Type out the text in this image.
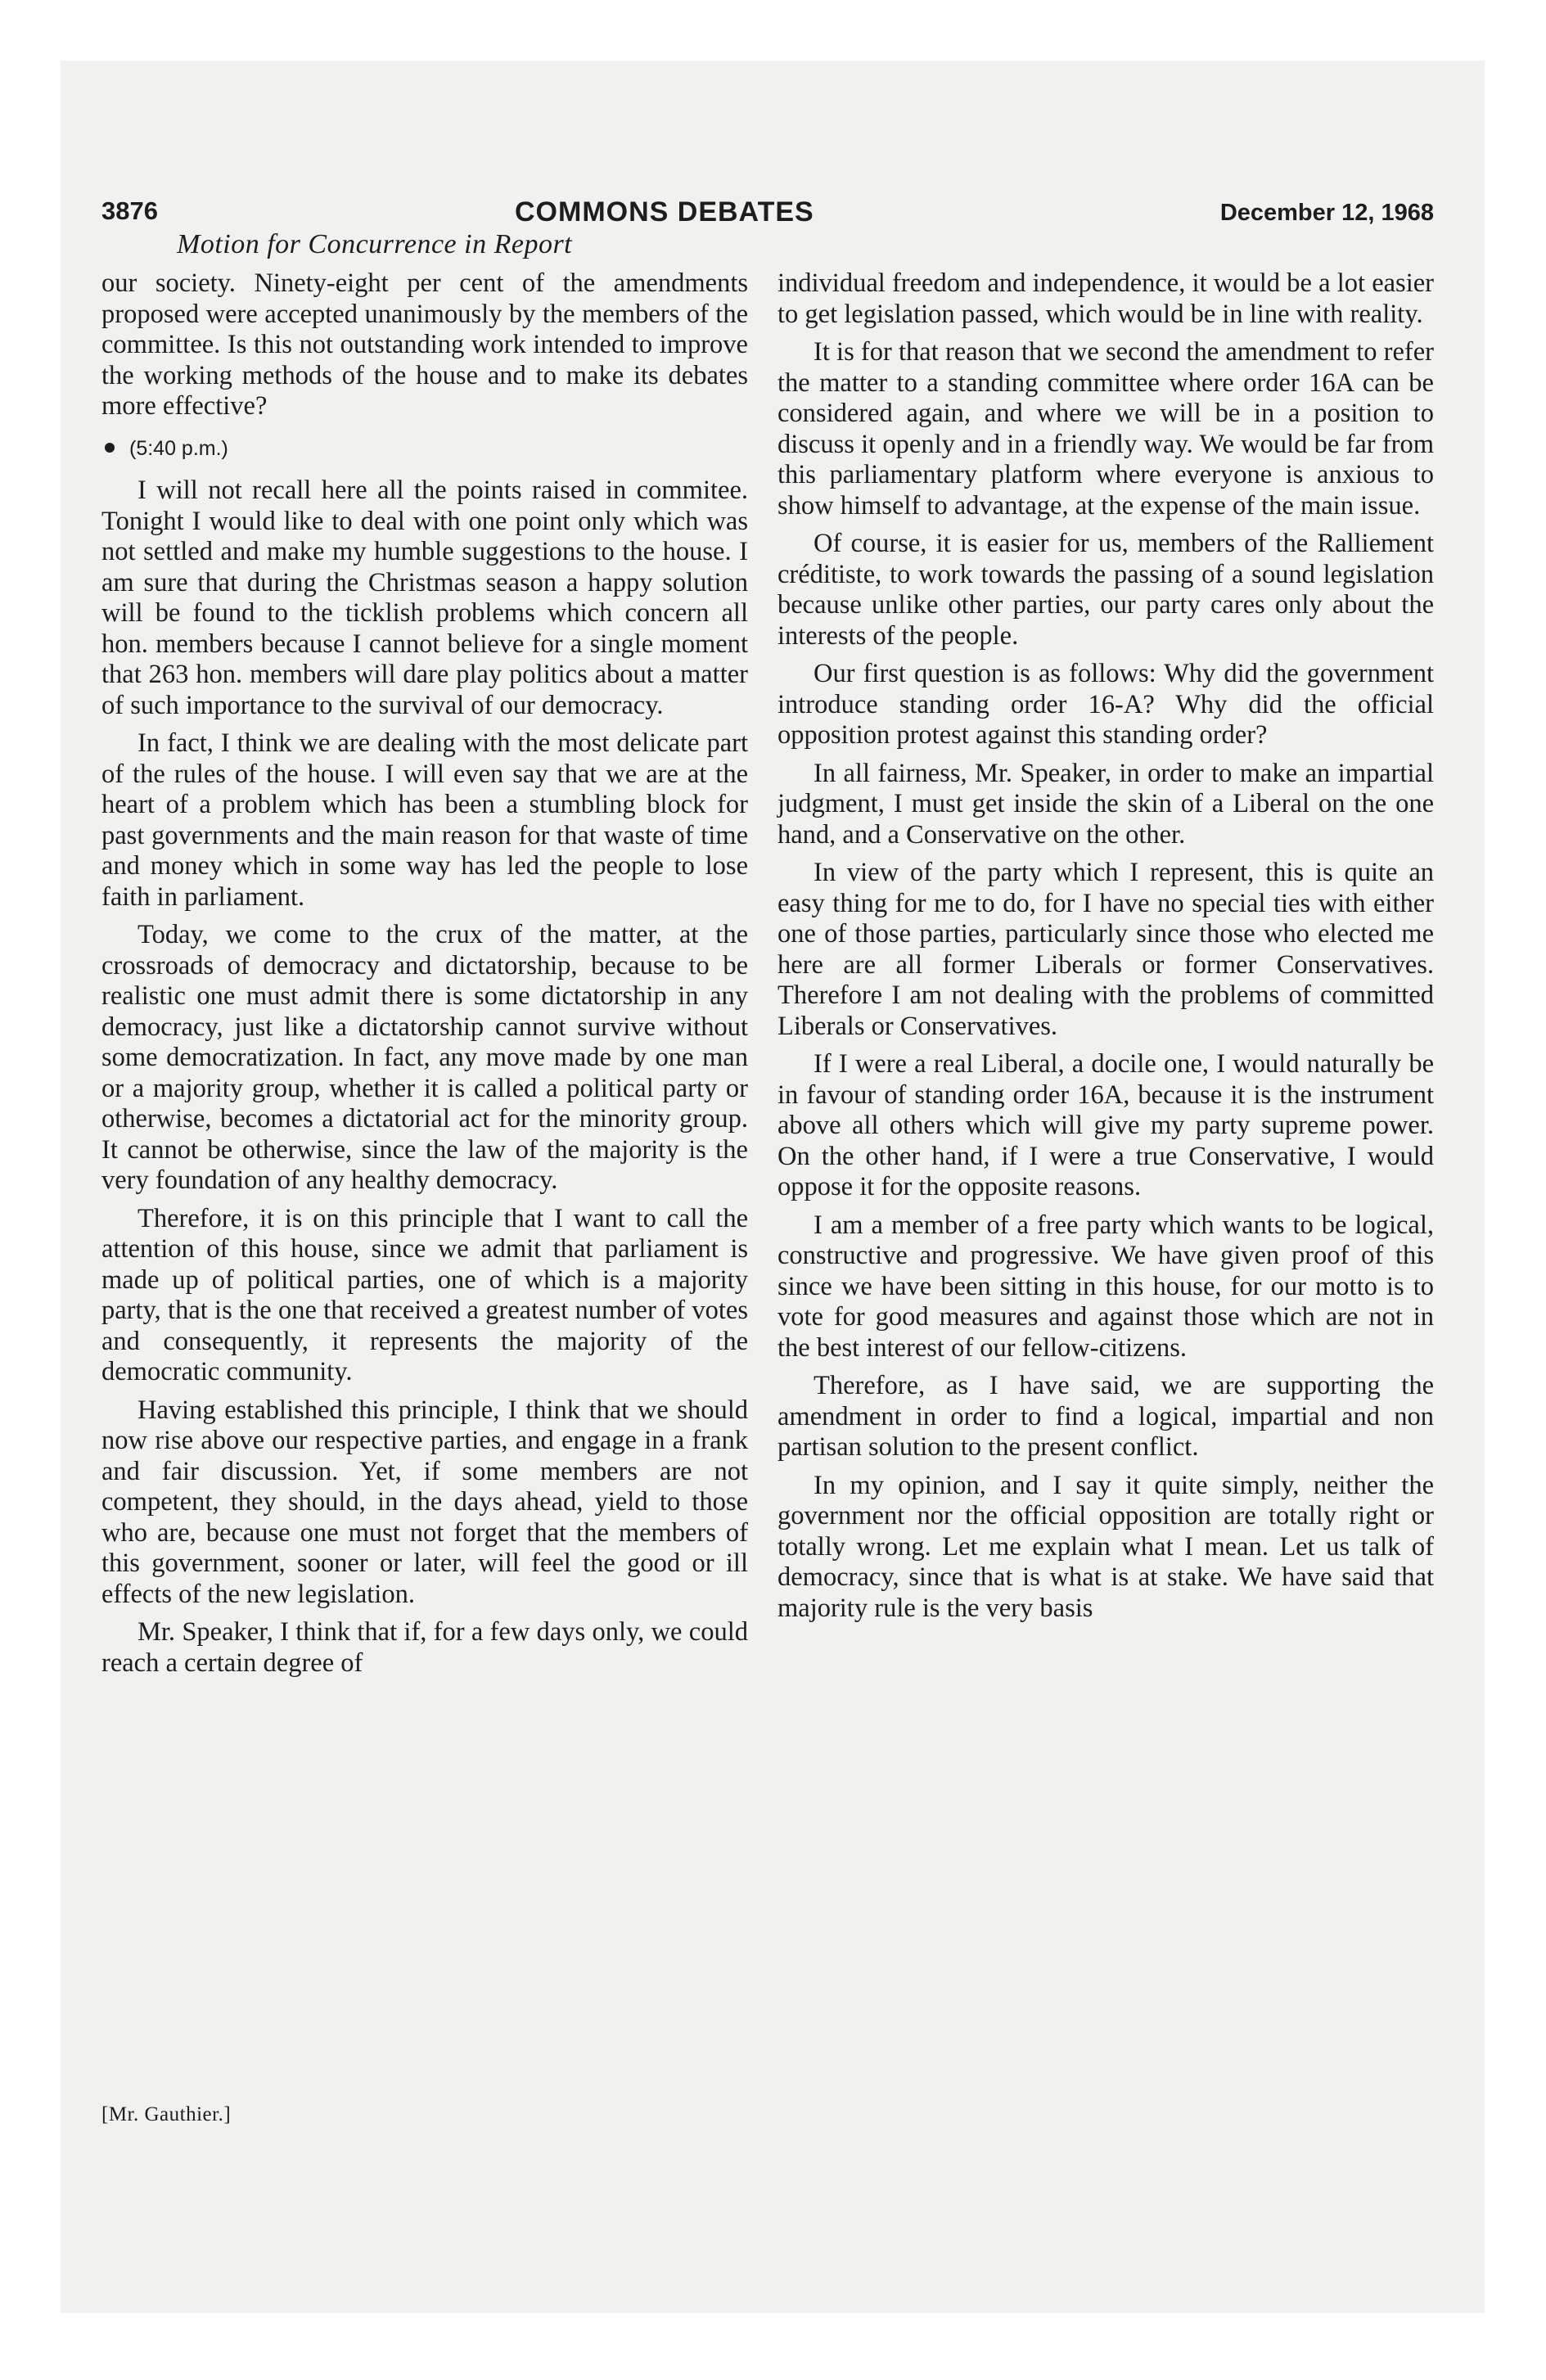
3876	COMMONS DEBATES	December 12, 1968
Motion for Concurrence in Report

our society. Ninety-eight per cent of the amendments proposed were accepted unanimously by the members of the committee. Is this not outstanding work intended to improve the working methods of the house and to make its debates more effective?

(5:40 p.m.)

I will not recall here all the points raised in commitee. Tonight I would like to deal with one point only which was not settled and make my humble suggestions to the house. I am sure that during the Christmas season a happy solution will be found to the ticklish problems which concern all hon. members because I cannot believe for a single moment that 263 hon. members will dare play politics about a matter of such importance to the survival of our democracy.

In fact, I think we are dealing with the most delicate part of the rules of the house. I will even say that we are at the heart of a problem which has been a stumbling block for past governments and the main reason for that waste of time and money which in some way has led the people to lose faith in parliament.

Today, we come to the crux of the matter, at the crossroads of democracy and dictatorship, because to be realistic one must admit there is some dictatorship in any democracy, just like a dictatorship cannot survive without some democratization. In fact, any move made by one man or a majority group, whether it is called a political party or otherwise, becomes a dictatorial act for the minority group. It cannot be otherwise, since the law of the majority is the very foundation of any healthy democracy.

Therefore, it is on this principle that I want to call the attention of this house, since we admit that parliament is made up of political parties, one of which is a majority party, that is the one that received a greatest number of votes and consequently, it represents the majority of the democratic community.

Having established this principle, I think that we should now rise above our respective parties, and engage in a frank and fair discussion. Yet, if some members are not competent, they should, in the days ahead, yield to those who are, because one must not forget that the members of this government, sooner or later, will feel the good or ill effects of the new legislation.

Mr. Speaker, I think that if, for a few days only, we could reach a certain degree of

individual freedom and independence, it would be a lot easier to get legislation passed, which would be in line with reality.

It is for that reason that we second the amendment to refer the matter to a standing committee where order 16A can be considered again, and where we will be in a position to discuss it openly and in a friendly way. We would be far from this parliamentary platform where everyone is anxious to show himself to advantage, at the expense of the main issue.

Of course, it is easier for us, members of the Ralliement créditiste, to work towards the passing of a sound legislation because unlike other parties, our party cares only about the interests of the people.

Our first question is as follows: Why did the government introduce standing order 16-A? Why did the official opposition protest against this standing order?

In all fairness, Mr. Speaker, in order to make an impartial judgment, I must get inside the skin of a Liberal on the one hand, and a Conservative on the other.

In view of the party which I represent, this is quite an easy thing for me to do, for I have no special ties with either one of those parties, particularly since those who elected me here are all former Liberals or former Conservatives. Therefore I am not dealing with the problems of committed Liberals or Conservatives.

If I were a real Liberal, a docile one, I would naturally be in favour of standing order 16A, because it is the instrument above all others which will give my party supreme power. On the other hand, if I were a true Conservative, I would oppose it for the opposite reasons.

I am a member of a free party which wants to be logical, constructive and progressive. We have given proof of this since we have been sitting in this house, for our motto is to vote for good measures and against those which are not in the best interest of our fellow-citizens.

Therefore, as I have said, we are supporting the amendment in order to find a logical, impartial and non partisan solution to the present conflict.

In my opinion, and I say it quite simply, neither the government nor the official opposition are totally right or totally wrong. Let me explain what I mean. Let us talk of democracy, since that is what is at stake. We have said that majority rule is the very basis

[Mr. Gauthier.]
